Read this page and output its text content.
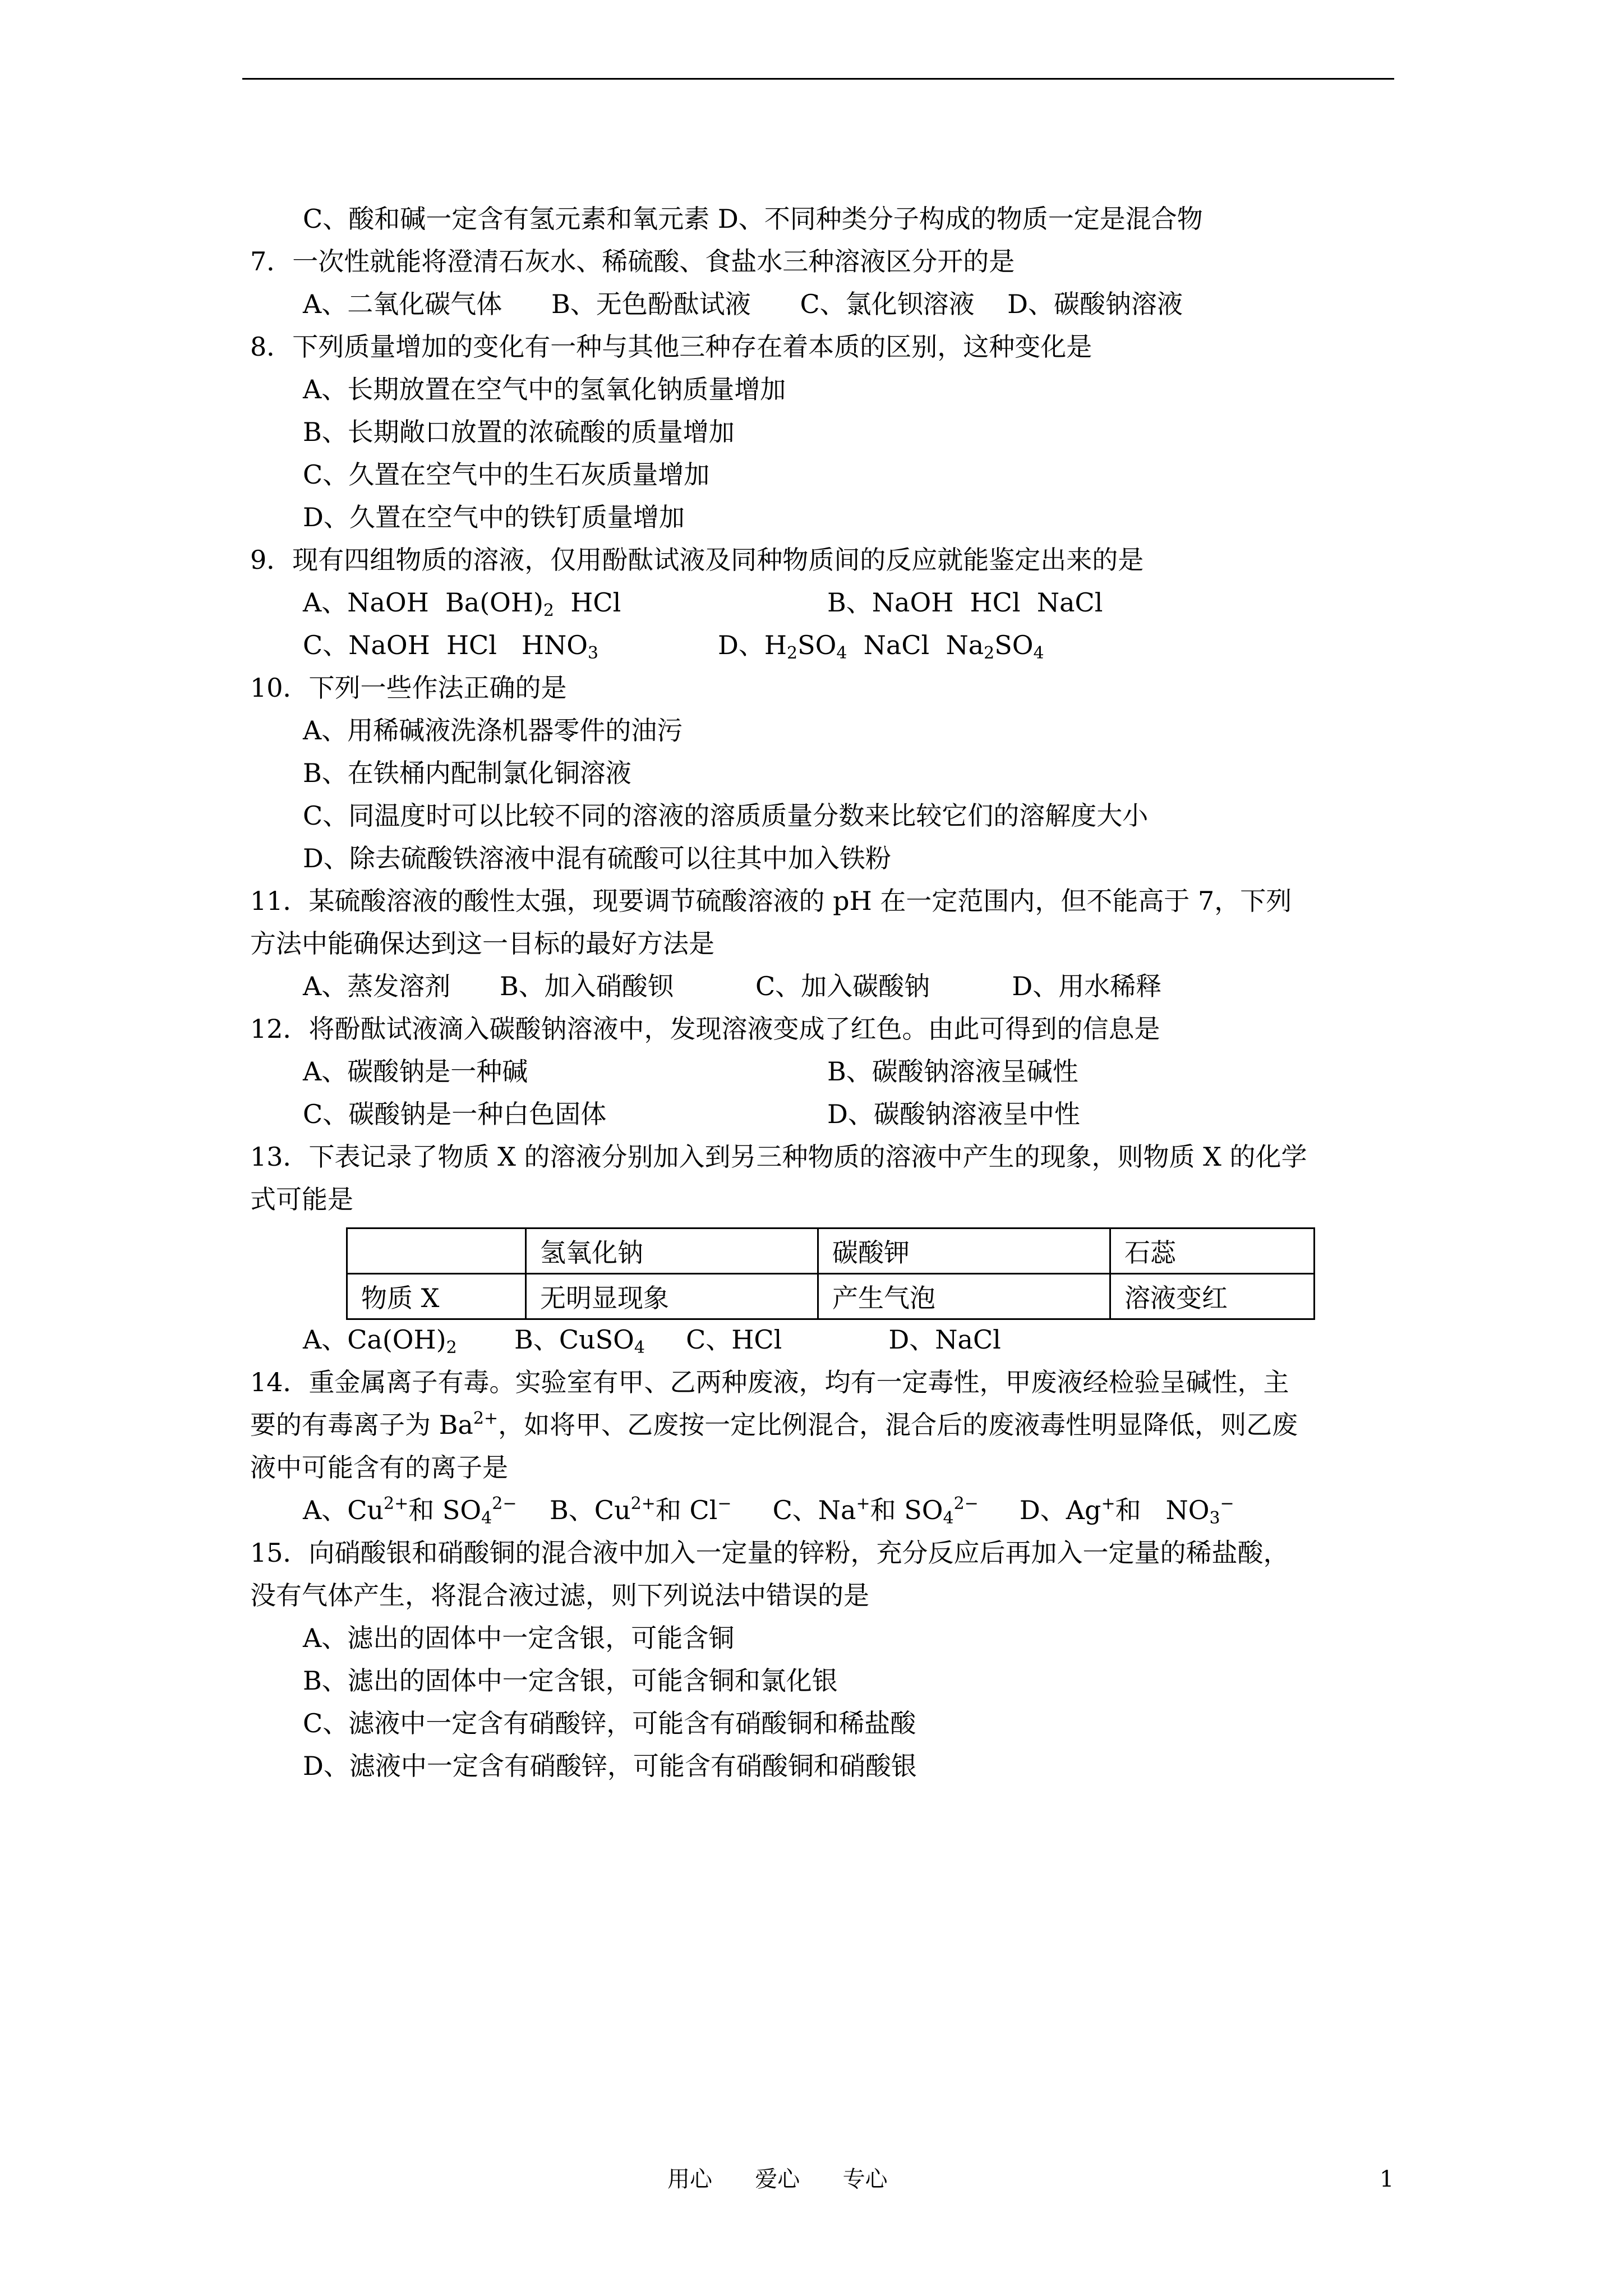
C、酸和碱一定含有氢元素和氧元素 D、不同种类分子构成的物质一定是混合物
7．一次性就能将澄清石灰水、稀硫酸、食盐水三种溶液区分开的是
A、二氧化碳气体      B、无色酚酞试液      C、氯化钡溶液    D、碳酸钠溶液
8．下列质量增加的变化有一种与其他三种存在着本质的区别，这种变化是
A、长期放置在空气中的氢氧化钠质量增加
B、长期敞口放置的浓硫酸的质量增加
C、久置在空气中的生石灰质量增加
D、久置在空气中的铁钉质量增加
9．现有四组物质的溶液，仅用酚酞试液及同种物质间的反应就能鉴定出来的是
A、NaOH  $Ba(OH)_2$  HCl	B、NaOH  HCl  NaCl
C、NaOH  HCl   $HNO_3$	D、$H_2SO_4$  NaCl  $Na_2SO_4$
10．下列一些作法正确的是
A、用稀碱液洗涤机器零件的油污
B、在铁桶内配制氯化铜溶液
C、同温度时可以比较不同的溶液的溶质质量分数来比较它们的溶解度大小
D、除去硫酸铁溶液中混有硫酸可以往其中加入铁粉
11．某硫酸溶液的酸性太强，现要调节硫酸溶液的 pH 在一定范围内，但不能高于 7，下列
方法中能确保达到这一目标的最好方法是
A、蒸发溶剂      B、加入硝酸钡          C、加入碳酸钠          D、用水稀释
12．将酚酞试液滴入碳酸钠溶液中，发现溶液变成了红色。由此可得到的信息是
A、碳酸钠是一种碱	B、碳酸钠溶液呈碱性
C、碳酸钠是一种白色固体	D、碳酸钠溶液呈中性
13．下表记录了物质 X 的溶液分别加入到另三种物质的溶液中产生的现象，则物质 X 的化学
式可能是
	氢氧化钠	碳酸钾	石蕊
物质 X	无明显现象	产生气泡	溶液变红
A、$Ca(OH)_2$       B、CuSO$_4$     C、HCl             D、NaCl
14．重金属离子有毒。实验室有甲、乙两种废液，均有一定毒性，甲废液经检验呈碱性，主
要的有毒离子为 $Ba^{2+}$，如将甲、乙废按一定比例混合，混合后的废液毒性明显降低，则乙废
液中可能含有的离子是
A、$Cu^{2+}$和 $SO_4^{2-}$    B、$Cu^{2+}$和 Cl−     C、Na+和 $SO_4^{2-}$     D、Ag+和   $NO_3^-$
15．向硝酸银和硝酸铜的混合液中加入一定量的锌粉，充分反应后再加入一定量的稀盐酸，
没有气体产生，将混合液过滤，则下列说法中错误的是
A、滤出的固体中一定含银，可能含铜
B、滤出的固体中一定含银，可能含铜和氯化银
C、滤液中一定含有硝酸锌，可能含有硝酸铜和稀盐酸
D、滤液中一定含有硝酸锌，可能含有硝酸铜和硝酸银
用心      爱心      专心	1
